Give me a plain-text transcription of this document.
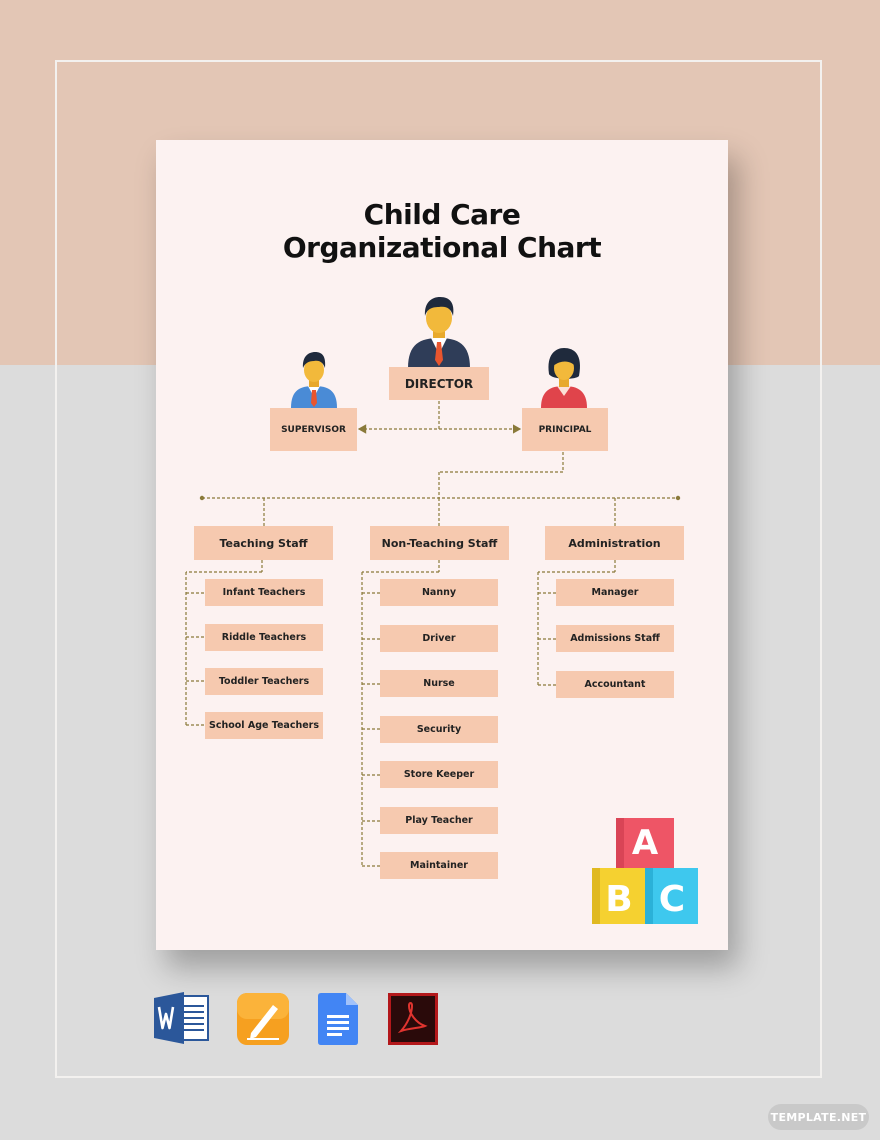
Child Care
Organizational Chart
DIRECTOR
SUPERVISOR	PRINCIPAL
Teaching Staff	Non-Teaching Staff	Administration
Infant Teachers
Riddle Teachers
Toddler Teachers
School Age Teachers
Nanny
Driver
Nurse
Security
Store Keeper
Play Teacher
Maintainer
Manager
Admissions Staff
Accountant
A
B C
TEMPLATE.NET
